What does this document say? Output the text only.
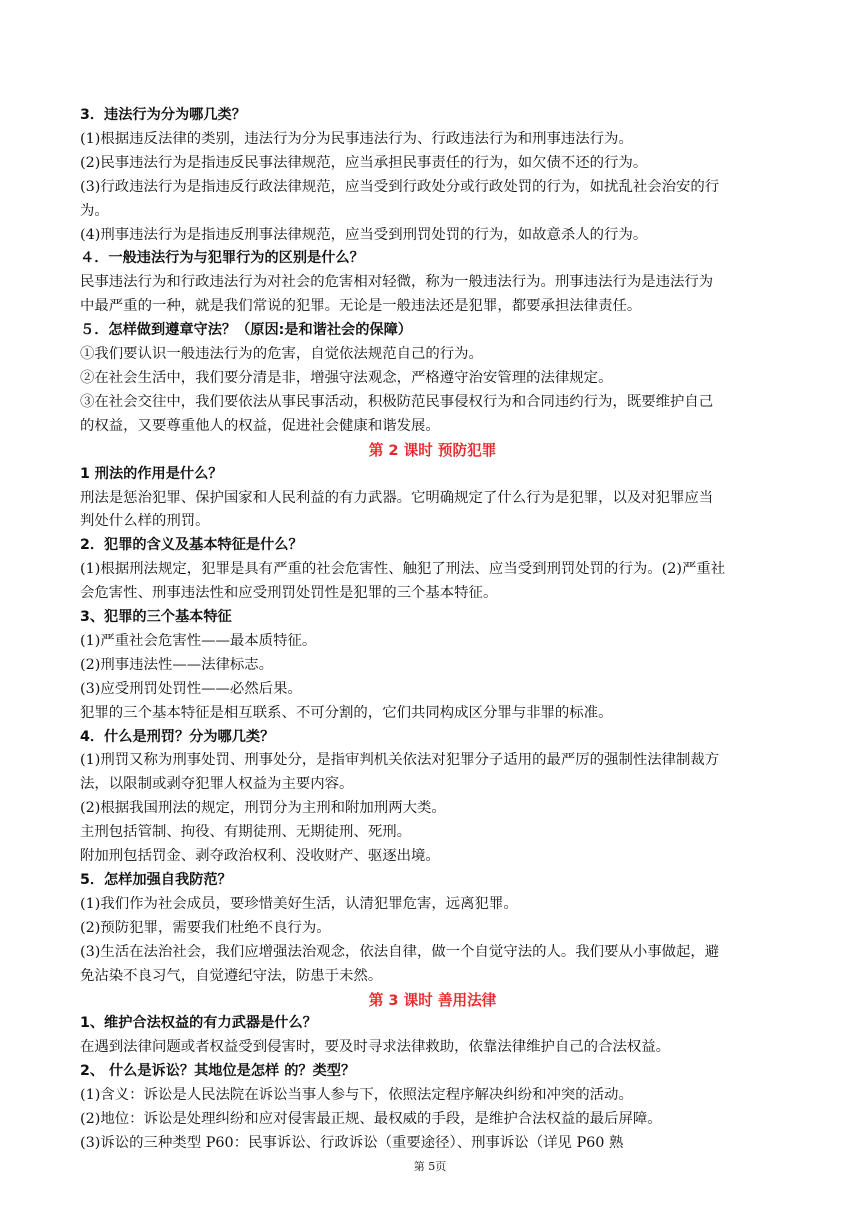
3．违法行为分为哪几类？
(1)根据违反法律的类别，违法行为分为民事违法行为、行政违法行为和刑事违法行为。
(2)民事违法行为是指违反民事法律规范，应当承担民事责任的行为，如欠债不还的行为。
(3)行政违法行为是指违反行政法律规范，应当受到行政处分或行政处罚的行为，如扰乱社会治安的行
为。
(4)刑事违法行为是指违反刑事法律规范，应当受到刑罚处罚的行为，如故意杀人的行为。
４．一般违法行为与犯罪行为的区别是什么？
民事违法行为和行政违法行为对社会的危害相对轻微，称为一般违法行为。刑事违法行为是违法行为
中最严重的一种，就是我们常说的犯罪。无论是一般违法还是犯罪，都要承担法律责任。
５．怎样做到遵章守法？（原因:是和谐社会的保障）
①我们要认识一般违法行为的危害，自觉依法规范自己的行为。
②在社会生活中，我们要分清是非，增强守法观念，严格遵守治安管理的法律规定。
③在社会交往中，我们要依法从事民事活动，积极防范民事侵权行为和合同违约行为，既要维护自己
的权益，又要尊重他人的权益，促进社会健康和谐发展。
第 2 课时 预防犯罪
1 刑法的作用是什么？
刑法是惩治犯罪、保护国家和人民利益的有力武器。它明确规定了什么行为是犯罪，以及对犯罪应当
判处什么样的刑罚。
2．犯罪的含义及基本特征是什么？
(1)根据刑法规定，犯罪是具有严重的社会危害性、触犯了刑法、应当受到刑罚处罚的行为。(2)严重社
会危害性、刑事违法性和应受刑罚处罚性是犯罪的三个基本特征。
3、犯罪的三个基本特征
(1)严重社会危害性——最本质特征。
(2)刑事违法性——法律标志。
(3)应受刑罚处罚性——必然后果。
犯罪的三个基本特征是相互联系、不可分割的，它们共同构成区分罪与非罪的标准。
4．什么是刑罚？分为哪几类？
(1)刑罚又称为刑事处罚、刑事处分，是指审判机关依法对犯罪分子适用的最严厉的强制性法律制裁方
法，以限制或剥夺犯罪人权益为主要内容。
(2)根据我国刑法的规定，刑罚分为主刑和附加刑两大类。
主刑包括管制、拘役、有期徒刑、无期徒刑、死刑。
附加刑包括罚金、剥夺政治权利、没收财产、驱逐出境。
5．怎样加强自我防范？
(1)我们作为社会成员，要珍惜美好生活，认清犯罪危害，远离犯罪。
(2)预防犯罪，需要我们杜绝不良行为。
(3)生活在法治社会，我们应增强法治观念，依法自律，做一个自觉守法的人。我们要从小事做起，避
免沾染不良习气，自觉遵纪守法，防患于未然。
第 3 课时 善用法律
1、维护合法权益的有力武器是什么？
在遇到法律问题或者权益受到侵害时，要及时寻求法律救助，依靠法律维护自己的合法权益。
2、 什么是诉讼？其地位是怎样 的？类型？
(1)含义：诉讼是人民法院在诉讼当事人参与下，依照法定程序解决纠纷和冲突的活动。
(2)地位：诉讼是处理纠纷和应对侵害最正规、最权威的手段，是维护合法权益的最后屏障。
(3)诉讼的三种类型 P60：民事诉讼、行政诉讼（重要途径）、刑事诉讼（详见 P60 熟
第 5页
